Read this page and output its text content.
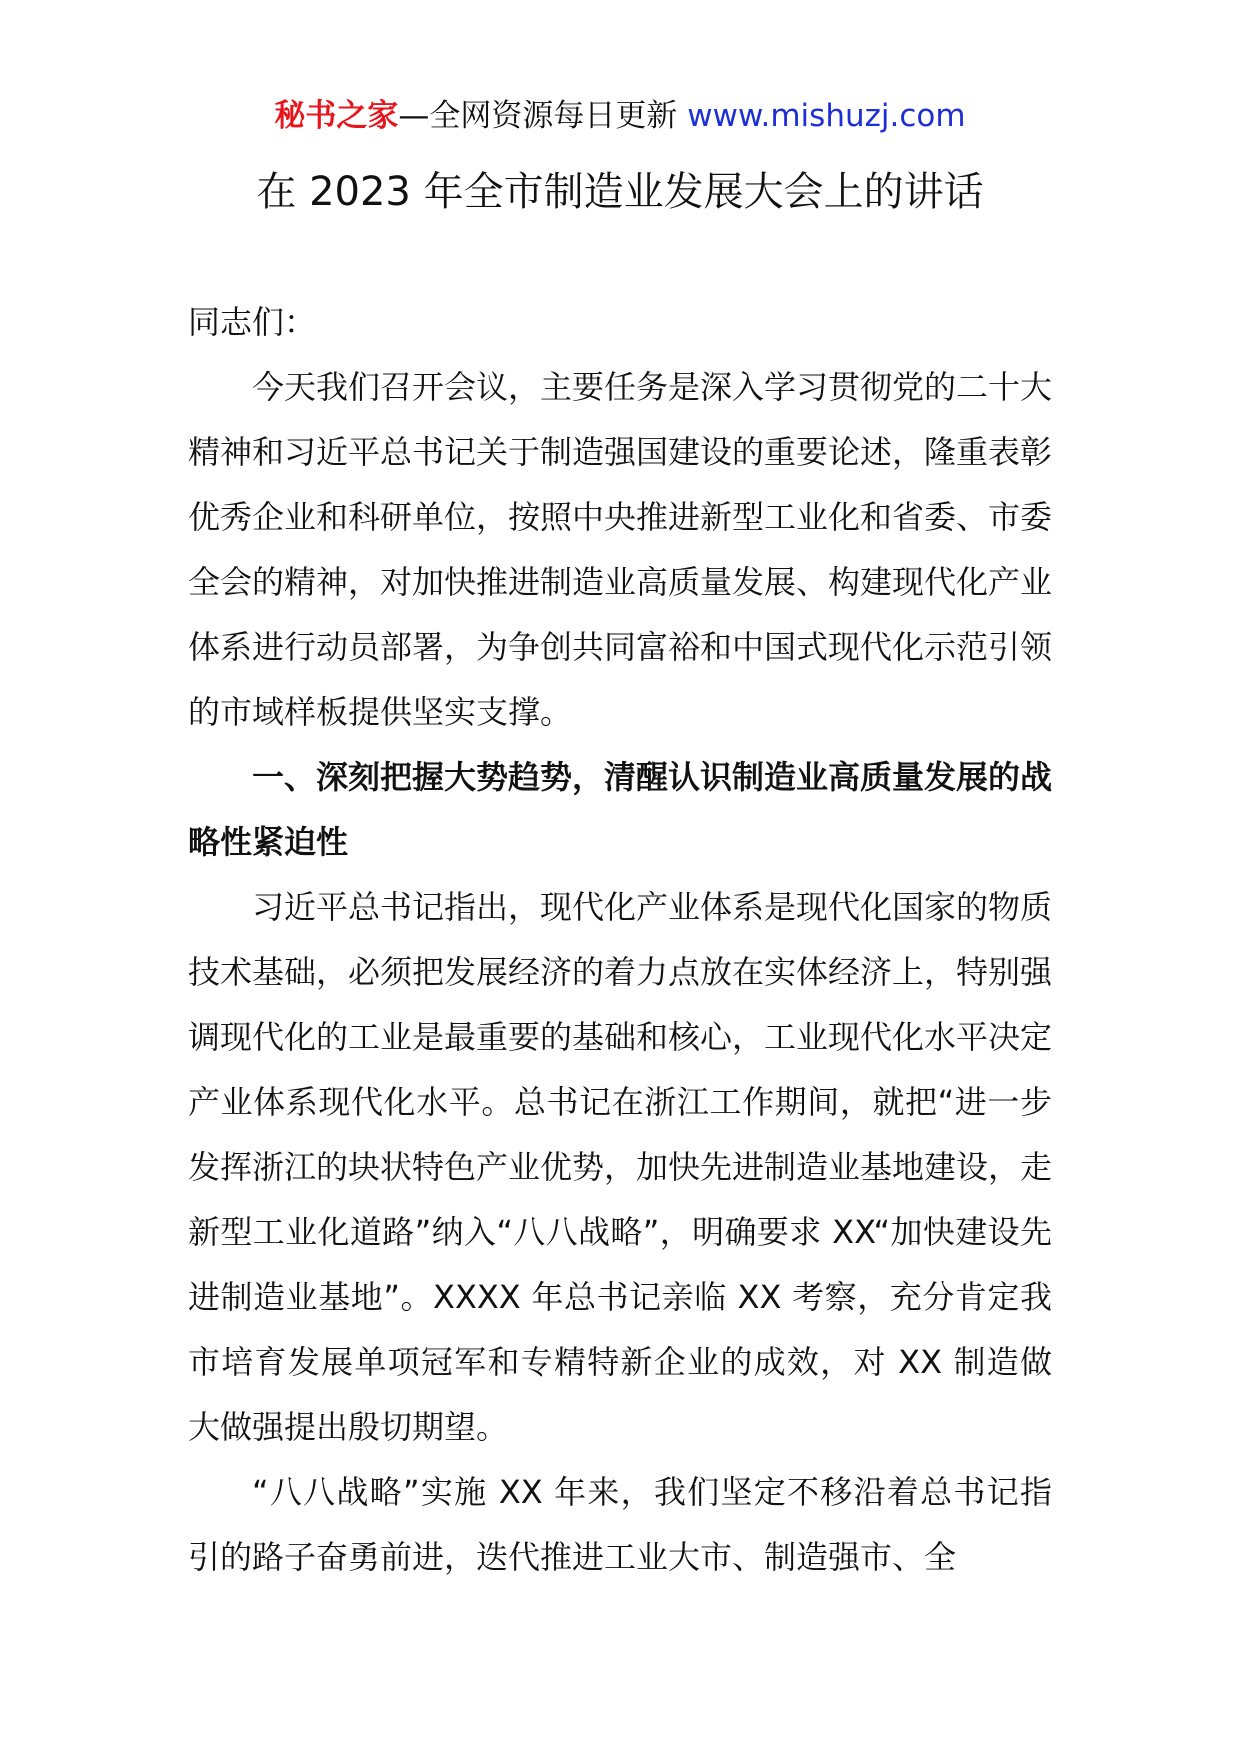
秘书之家—全网资源每日更新 www.mishuzj.com
在 2023 年全市制造业发展大会上的讲话

同志们：

今天我们召开会议，主要任务是深入学习贯彻党的二十大精神和习近平总书记关于制造强国建设的重要论述，隆重表彰优秀企业和科研单位，按照中央推进新型工业化和省委、市委全会的精神，对加快推进制造业高质量发展、构建现代化产业体系进行动员部署，为争创共同富裕和中国式现代化示范引领的市域样板提供坚实支撑。

一、深刻把握大势趋势，清醒认识制造业高质量发展的战略性紧迫性

习近平总书记指出，现代化产业体系是现代化国家的物质技术基础，必须把发展经济的着力点放在实体经济上，特别强调现代化的工业是最重要的基础和核心，工业现代化水平决定产业体系现代化水平。总书记在浙江工作期间，就把“进一步发挥浙江的块状特色产业优势，加快先进制造业基地建设，走新型工业化道路”纳入“八八战略”，明确要求 XX“加快建设先进制造业基地”。XXXX 年总书记亲临 XX 考察，充分肯定我市培育发展单项冠军和专精特新企业的成效，对 XX 制造做大做强提出殷切期望。

“八八战略”实施 XX 年来，我们坚定不移沿着总书记指引的路子奋勇前进，迭代推进工业大市、制造强市、全
